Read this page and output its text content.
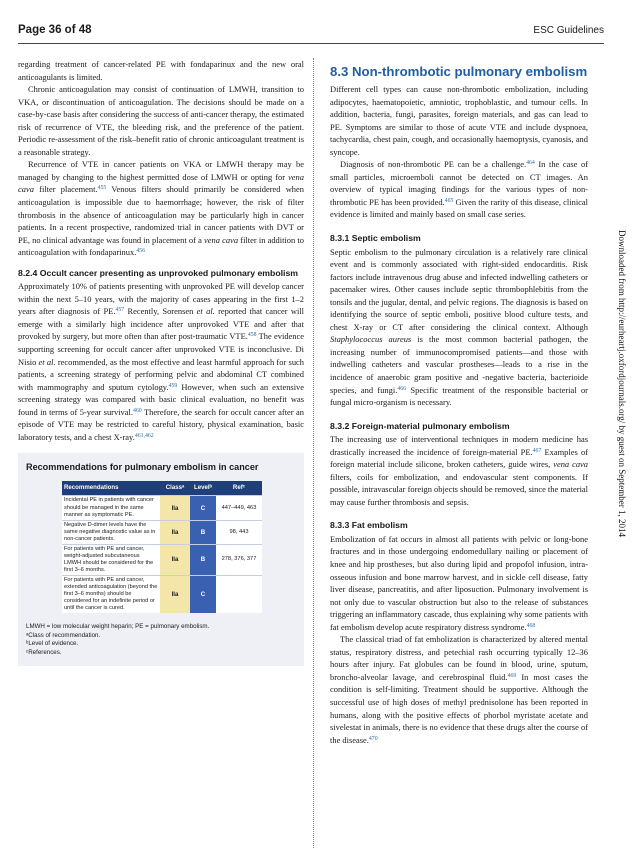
Page 36 of 48	ESC Guidelines

regarding treatment of cancer-related PE with fondaparinux and the new oral anticoagulants is limited.

Chronic anticoagulation may consist of continuation of LMWH, transition to VKA, or discontinuation of anticoagulation. The decisions should be made on a case-by-case basis after considering the success of anti-cancer therapy, the estimated risk of recurrence of VTE, the bleeding risk, and the preference of the patient. Periodic re-assessment of the risk–benefit ratio of chronic anticoagulant treatment is a reasonable strategy.

Recurrence of VTE in cancer patients on VKA or LMWH therapy may be managed by changing to the highest permitted dose of LMWH or opting for vena cava filter placement.$^{455}$ Venous filters should primarily be considered when anticoagulation is impossible due to haemorrhage; however, the risk of filter thrombosis in the absence of anticoagulation may be particularly high in cancer patients. In a recent prospective, randomized trial in cancer patients with DVT or PE, no clinical advantage was found in placement of a vena cava filter in addition to anticoagulation with fondaparinux.$^{456}$

8.2.4 Occult cancer presenting as unprovoked pulmonary embolism

Approximately 10% of patients presenting with unprovoked PE will develop cancer within the next 5–10 years, with the majority of cases appearing in the first 1–2 years after diagnosis of PE.$^{457}$ Recently, Sorensen et al. reported that cancer will emerge with a similarly high incidence after unprovoked VTE and after that provoked by surgery, but more often than after post-traumatic VTE.$^{458}$ The evidence supporting screening for occult cancer after unprovoked VTE is inconclusive. Di Nisio et al. recommended, as the most effective and least harmful approach for such patients, a screening strategy of performing pelvic and abdominal CT combined with mammography and sputum cytology.$^{459}$ However, when such an extensive screening strategy was compared with basic clinical evaluation, no benefit was found in terms of 5-year survival.$^{460}$ Therefore, the search for occult cancer after an episode of VTE may be restricted to careful history, physical examination, basic laboratory tests, and a chest X-ray.$^{461,462}$

Recommendations for pulmonary embolism in cancer
Recommendations	Classᵃ	Levelᵇ	Refᶜ
Incidental PE in patients with cancer should be managed in the same manner as symptomatic PE.	IIa	C	447–449, 463
Negative D-dimer levels have the same negative diagnostic value as in non-cancer patients.	IIa	B	98, 443
For patients with PE and cancer, weight-adjusted subcutaneous LMWH should be considered for the first 3–6 months.	IIa	B	278, 376, 377
For patients with PE and cancer, extended anticoagulation (beyond the first 3–6 months) should be considered for an indefinite period or until the cancer is cured.	IIa	C	
LMWH = low molecular weight heparin; PE = pulmonary embolism.
ᵃClass of recommendation.
ᵇLevel of evidence.
ᶜReferences.
8.3 Non-thrombotic pulmonary embolism

Different cell types can cause non-thrombotic embolization, including adipocytes, haematopoietic, amniotic, trophoblastic, and tumour cells. In addition, bacteria, fungi, parasites, foreign materials, and gas can lead to PE. Symptoms are similar to those of acute VTE and include dyspnoea, tachycardia, chest pain, cough, and occasionally haemoptysis, cyanosis, and syncope.

Diagnosis of non-thrombotic PE can be a challenge.$^{464}$ In the case of small particles, microemboli cannot be detected on CT images. An overview of typical imaging findings for the various types of non-thrombotic PE has been provided.$^{465}$ Given the rarity of this disease, clinical evidence is limited and mainly based on small case series.

8.3.1 Septic embolism

Septic embolism to the pulmonary circulation is a relatively rare clinical event and is commonly associated with right-sided endocarditis. Risk factors include intravenous drug abuse and infected indwelling catheters or pacemaker wires. Other causes include septic thrombophlebitis from the tonsils and the jugular, dental, and pelvic regions. The diagnosis is based on identifying the source of septic emboli, positive blood culture tests, and chest X-ray or CT after considering the clinical context. Although Staphylococcus aureus is the most common bacterial pathogen, the increasing number of immunocompromised patients—and those with indwelling catheters and vascular prostheses—leads to a rise in the incidence of anaerobic gram positive and -negative bacteria, bacterioide species, and fungi.$^{466}$ Specific treatment of the responsible bacterial or fungal micro-organism is necessary.

8.3.2 Foreign-material pulmonary embolism

The increasing use of interventional techniques in modern medicine has drastically increased the incidence of foreign-material PE.$^{467}$ Examples of foreign material include silicone, broken catheters, guide wires, vena cava filters, coils for embolization, and endovascular stent components. If possible, intravascular foreign objects should be removed, since the material may cause further thrombosis and sepsis.

8.3.3 Fat embolism

Embolization of fat occurs in almost all patients with pelvic or long-bone fractures and in those undergoing endomedullary nailing or placement of knee and hip prostheses, but also during lipid and propofol infusion, intra-osseous infusion and bone marrow harvest, and in sickle cell disease, fatty liver disease, pancreatitis, and after liposuction. Pulmonary involvement is not only due to vascular obstruction but also to the release of substances triggering an inflammatory cascade, thus explaining why some patients with fat embolism develop acute respiratory distress syndrome.$^{468}$

The classical triad of fat embolization is characterized by altered mental status, respiratory distress, and petechial rash occurring typically 12–36 hours after injury. Fat globules can be found in blood, urine, sputum, broncho-alveolar lavage, and cerebrospinal fluid.$^{469}$ In most cases the condition is self-limiting. Treatment should be supportive. Although the successful use of high doses of methyl prednisolone has been reported in humans, along with the positive effects of phorbol myristate acetate and sivelestat in animals, there is no evidence that these drugs alter the course of the disease.$^{470}$

Downloaded from http://eurheartj.oxfordjournals.org/ by guest on September 1, 2014
